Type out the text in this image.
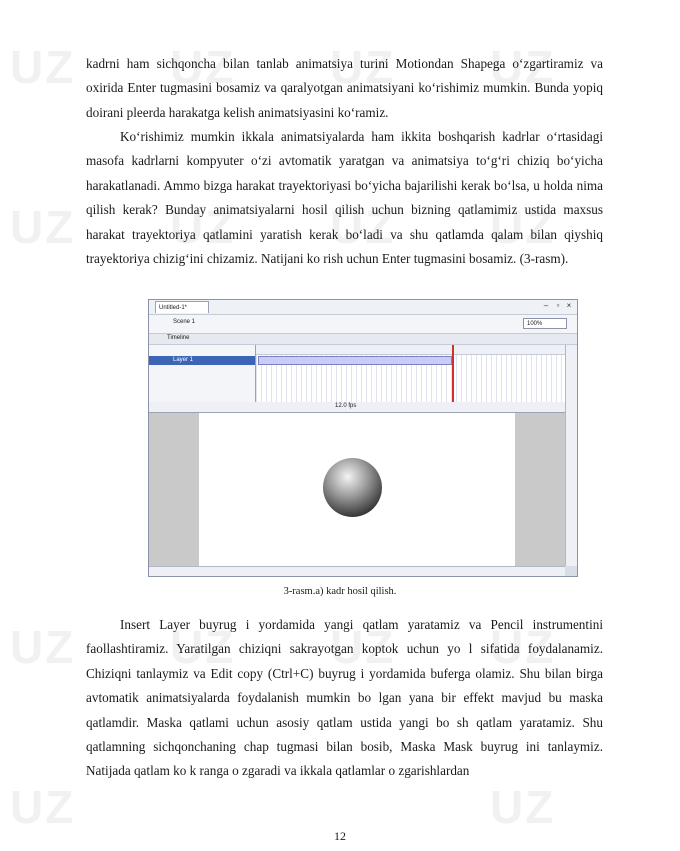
UZ UZ UZ UZ
UZ UZ UZ UZ
UZ UZ UZ UZ
UZ	UZ

kadrni ham sichqoncha bilan tanlab animatsiya turini Motiondan Shapega o‘zgartiramiz va oxirida Enter tugmasini bosamiz va qaralyotgan animatsiyani ko‘rishimiz mumkin. Bunda yopiq doirani pleerda harakatga kelish animatsiyasini ko‘ramiz.

Ko‘rishimiz mumkin ikkala animatsiyalarda ham ikkita boshqarish kadrlar o‘rtasidagi masofa kadrlarni kompyuter o‘zi avtomatik yaratgan va animatsiya to‘g‘ri chiziq bo‘yicha harakatlanadi. Ammo bizga harakat trayektoriyasi bo‘yicha bajarilishi kerak bo‘lsa, u holda nima qilish kerak? Bunday animatsiyalarni hosil qilish uchun bizning qatlamimiz ustida maxsus harakat trayektoriya qatlamini yaratish kerak bo‘ladi va shu qatlamda qalam bilan qiyshiq trayektoriya chizig‘ini chizamiz. Natijani ko rish uchun Enter tugmasini bosamiz. (3-rasm).

Untitled-1*	–	▫ ×
Scene 1	100%
Timeline
Layer 1
12.0 fps
3-rasm.a) kadr hosil qilish.

Insert Layer buyrug i yordamida yangi qatlam yaratamiz va Pencil instrumentini faollashtiramiz. Yaratilgan chiziqni sakrayotgan koptok uchun yo l sifatida foydalanamiz. Chiziqni tanlaymiz va Edit copy (Ctrl+C) buyrug i yordamida buferga olamiz. Shu bilan birga avtomatik animatsiyalarda foydalanish mumkin bo lgan yana bir effekt mavjud bu maska qatlamdir. Maska qatlami uchun asosiy qatlam ustida yangi bo sh qatlam yaratamiz. Shu qatlamning sichqonchaning chap tugmasi bilan bosib, Maska Mask buyrug ini tanlaymiz. Natijada qatlam ko k ranga o zgaradi va ikkala qatlamlar o zgarishlardan

12
